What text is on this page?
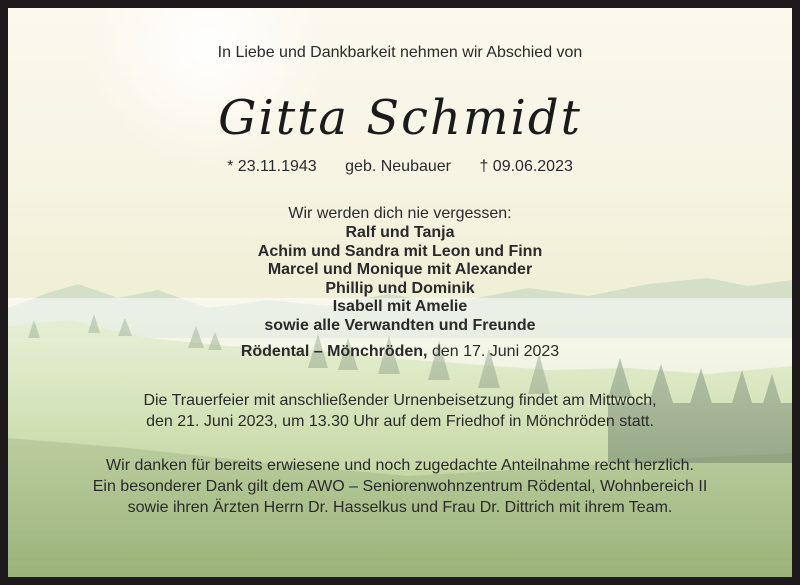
In Liebe und Dankbarkeit nehmen wir Abschied von
Gitta Schmidt
* 23.11.1943 geb. Neubauer † 09.06.2023
Wir werden dich nie vergessen:
Ralf und Tanja
Achim und Sandra mit Leon und Finn
Marcel und Monique mit Alexander
Phillip und Dominik
Isabell mit Amelie
sowie alle Verwandten und Freunde
Rödental – Mönchröden, den 17. Juni 2023
Die Trauerfeier mit anschließender Urnenbeisetzung findet am Mittwoch,
den 21. Juni 2023, um 13.30 Uhr auf dem Friedhof in Mönchröden statt.
Wir danken für bereits erwiesene und noch zugedachte Anteilnahme recht herzlich.
Ein besonderer Dank gilt dem AWO – Seniorenwohnzentrum Rödental, Wohnbereich II
sowie ihren Ärzten Herrn Dr. Hasselkus und Frau Dr. Dittrich mit ihrem Team.
